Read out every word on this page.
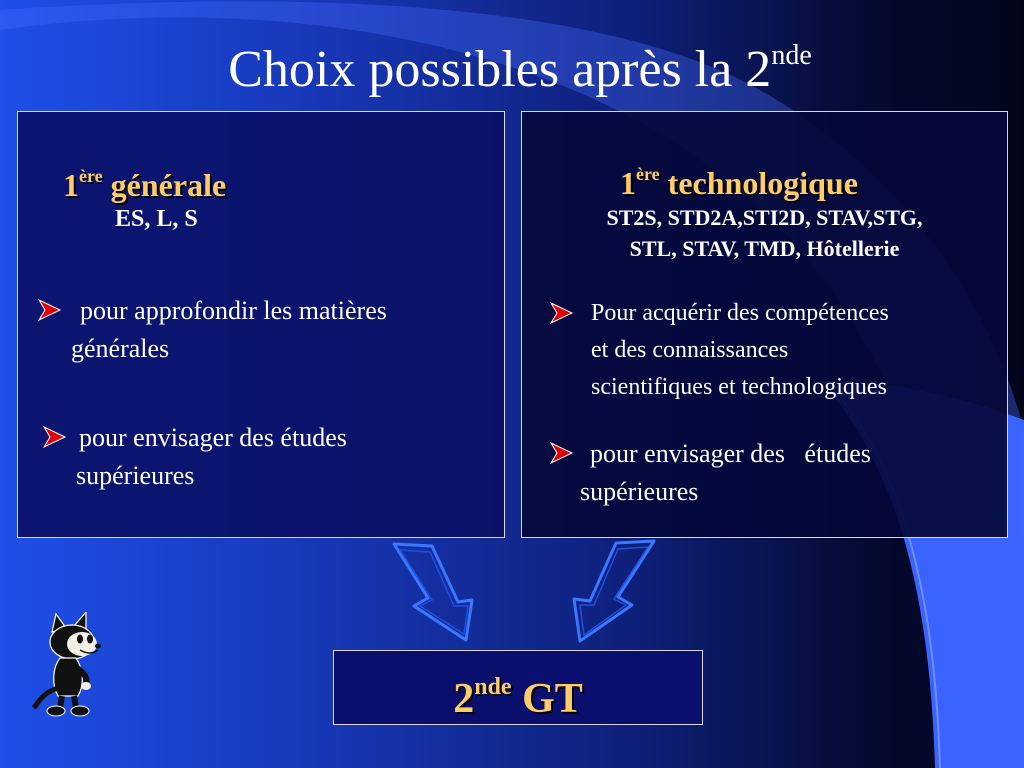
Choix possibles après la 2nde
1ère générale
ES, L, S
pour approfondir les matières
générales
pour envisager des études
supérieures
1ère technologique
ST2S, STD2A,STI2D, STAV,STG,
STL, STAV, TMD, Hôtellerie
Pour acquérir des compétences
et des connaissances
scientifiques et technologiques
pour envisager des   études
supérieures
2nde GT
